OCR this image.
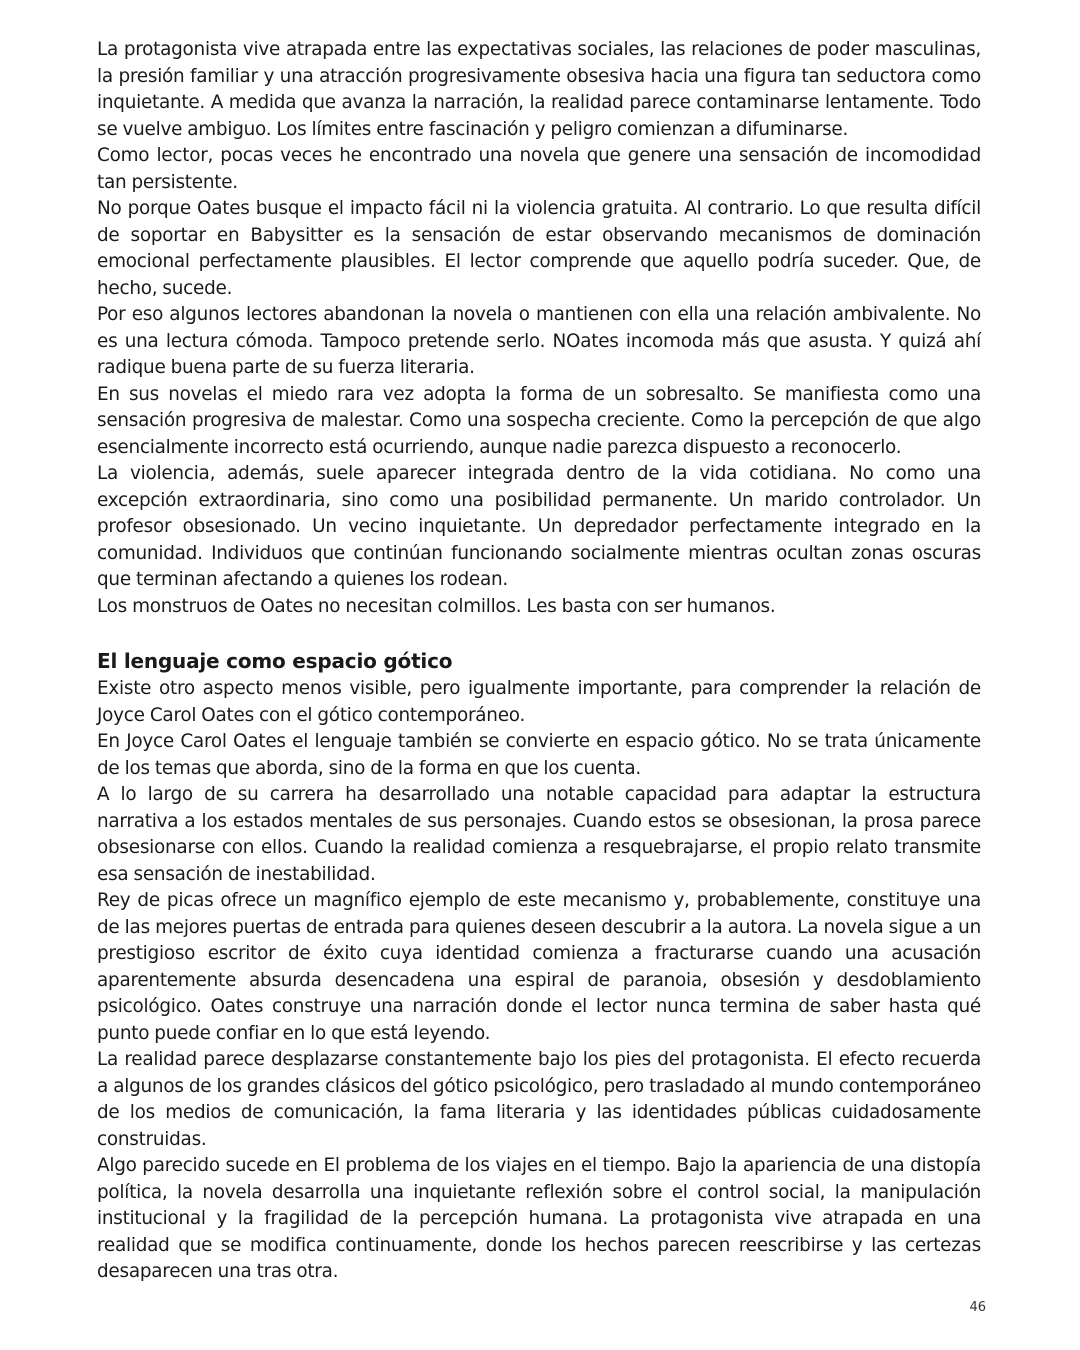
La protagonista vive atrapada entre las expectativas sociales, las relaciones de poder masculinas, la presión familiar y una atracción progresivamente obsesiva hacia una figura tan seductora como inquietante. A medida que avanza la narración, la realidad parece contaminarse lentamente. Todo se vuelve ambiguo. Los límites entre fascinación y peligro comienzan a difuminarse.

Como lector, pocas veces he encontrado una novela que genere una sensación de incomodidad tan persistente.

No porque Oates busque el impacto fácil ni la violencia gratuita. Al contrario. Lo que resulta difícil de soportar en Babysitter es la sensación de estar observando mecanismos de dominación emocional perfectamente plausibles. El lector comprende que aquello podría suceder. Que, de hecho, sucede.

Por eso algunos lectores abandonan la novela o mantienen con ella una relación ambivalente. No es una lectura cómoda. Tampoco pretende serlo. NOates incomoda más que asusta. Y quizá ahí radique buena parte de su fuerza literaria.

En sus novelas el miedo rara vez adopta la forma de un sobresalto. Se manifiesta como una sensación progresiva de malestar. Como una sospecha creciente. Como la percepción de que algo esencialmente incorrecto está ocurriendo, aunque nadie parezca dispuesto a reconocerlo.

La violencia, además, suele aparecer integrada dentro de la vida cotidiana. No como una excepción extraordinaria, sino como una posibilidad permanente. Un marido controlador. Un profesor obsesionado. Un vecino inquietante. Un depredador perfectamente integrado en la comunidad. Individuos que continúan funcionando socialmente mientras ocultan zonas oscuras que terminan afectando a quienes los rodean.

Los monstruos de Oates no necesitan colmillos. Les basta con ser humanos.

El lenguaje como espacio gótico

Existe otro aspecto menos visible, pero igualmente importante, para comprender la relación de Joyce Carol Oates con el gótico contemporáneo.

En Joyce Carol Oates el lenguaje también se convierte en espacio gótico. No se trata únicamente de los temas que aborda, sino de la forma en que los cuenta.

A lo largo de su carrera ha desarrollado una notable capacidad para adaptar la estructura narrativa a los estados mentales de sus personajes. Cuando estos se obsesionan, la prosa parece obsesionarse con ellos. Cuando la realidad comienza a resquebrajarse, el propio relato transmite esa sensación de inestabilidad.

Rey de picas ofrece un magnífico ejemplo de este mecanismo y, probablemente, constituye una de las mejores puertas de entrada para quienes deseen descubrir a la autora. La novela sigue a un prestigioso escritor de éxito cuya identidad comienza a fracturarse cuando una acusación aparentemente absurda desencadena una espiral de paranoia, obsesión y desdoblamiento psicológico. Oates construye una narración donde el lector nunca termina de saber hasta qué punto puede confiar en lo que está leyendo.

La realidad parece desplazarse constantemente bajo los pies del protagonista. El efecto recuerda a algunos de los grandes clásicos del gótico psicológico, pero trasladado al mundo contemporáneo de los medios de comunicación, la fama literaria y las identidades públicas cuidadosamente construidas.

Algo parecido sucede en El problema de los viajes en el tiempo. Bajo la apariencia de una distopía política, la novela desarrolla una inquietante reflexión sobre el control social, la manipulación institucional y la fragilidad de la percepción humana. La protagonista vive atrapada en una realidad que se modifica continuamente, donde los hechos parecen reescribirse y las certezas desaparecen una tras otra.

46
